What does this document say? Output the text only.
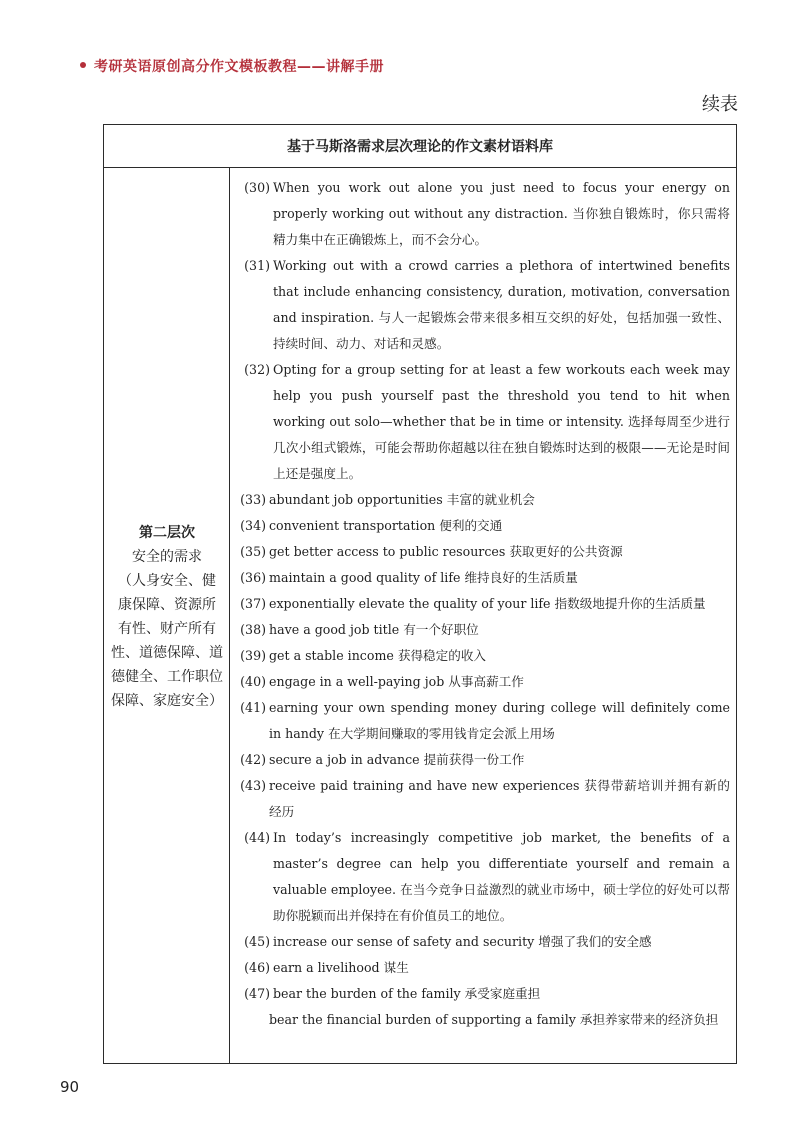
考研英语原创高分作文模板教程——讲解手册
续表
基于马斯洛需求层次理论的作文素材语料库
第二层次
安全的需求
（人身安全、健
康保障、资源所
有性、财产所有
性、道德保障、道
德健全、工作职位
保障、家庭安全）
(30) When you work out alone you just need to focus your energy on properly working out without any distraction. 当你独自锻炼时，你只需将精力集中在正确锻炼上，而不会分心。
(31) Working out with a crowd carries a plethora of intertwined benefits that include enhancing consistency, duration, motivation, conversation and inspiration. 与人一起锻炼会带来很多相互交织的好处，包括加强一致性、持续时间、动力、对话和灵感。
(32) Opting for a group setting for at least a few workouts each week may help you push yourself past the threshold you tend to hit when working out solo—whether that be in time or intensity. 选择每周至少进行几次小组式锻炼，可能会帮助你超越以往在独自锻炼时达到的极限——无论是时间上还是强度上。
(33) abundant job opportunities 丰富的就业机会
(34) convenient transportation 便利的交通
(35) get better access to public resources 获取更好的公共资源
(36) maintain a good quality of life 维持良好的生活质量
(37) exponentially elevate the quality of your life 指数级地提升你的生活质量
(38) have a good job title 有一个好职位
(39) get a stable income 获得稳定的收入
(40) engage in a well-paying job 从事高薪工作
(41) earning your own spending money during college will definitely come in handy 在大学期间赚取的零用钱肯定会派上用场
(42) secure a job in advance 提前获得一份工作
(43) receive paid training and have new experiences 获得带薪培训并拥有新的经历
(44) In today’s increasingly competitive job market, the benefits of a master’s degree can help you differentiate yourself and remain a valuable employee. 在当今竞争日益激烈的就业市场中，硕士学位的好处可以帮助你脱颖而出并保持在有价值员工的地位。
(45) increase our sense of safety and security 增强了我们的安全感
(46) earn a livelihood 谋生
(47) bear the burden of the family 承受家庭重担
bear the financial burden of supporting a family 承担养家带来的经济负担
90
